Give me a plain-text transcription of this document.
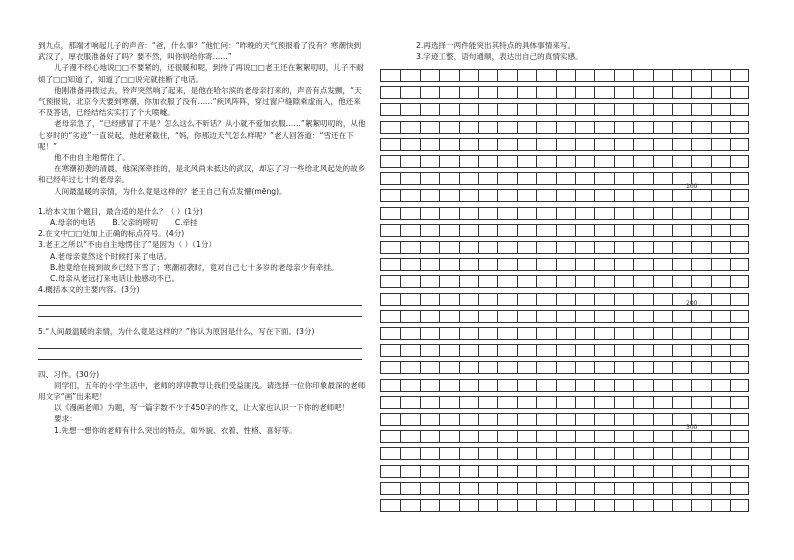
到九点，那端才响起儿子的声音：“爸，什么事？”他忙问：“昨晚的天气预报看了没有？寒潮快到武汉了，厚衣服准备好了吗？要不然，叫你妈给你寄……”

儿子漫不经心地说□□不要紧的，还很暖和呢，到待了再说□□老王还在絮絮叨叨，儿子不耐烦了□□知道了，知道了□□说完就挂断了电话。

他刚准备再拨过去，铃声突然响了起来，是他在哈尔滨的老母亲打来的，声音有点发颤，“天气预报说，北京今天要到寒潮，你加衣服了没有……”疾风阵阵，穿过窗户缝隙乘虚而入，他还来不及答话，已经结结实实打了个大喷嚏。

老母亲急了，“已经感冒了不是？怎么这么不听话？从小就不爱加衣服……”絮絮叨叨的，从他七岁时的“劣迹”一直说起，他赶紧截住，“妈，你那边天气怎么样呢？”老人回答道：“雪还在下呢！”

他不由自主地愣住了。

在寒潮初袭的清晨，他深深牵挂的，是北风尚未抵达的武汉，却忘了习一些给北风起处的故乡和已经年过七十的老母亲。

人间最温暖的亲情，为什么竟是这样的？老王自己有点发懵(mēng)。

1.给本文加个题目，最合适的是什么？（ ）(1分)

A.母亲的电话 B.父亲的唠叨 C.牵挂

2.在文中□□处加上正确的标点符号。(4分)

3.老王之所以“不由自主地愣住了”是因为（ ）（1分）

A.老母亲竟然这个时候打来了电话。

B.他竟给在接到故乡已经下雪了；寒潮初袭时，竟对自己七十多岁的老母亲少有牵挂。

C.母亲从老远打来电话让他感动不已。

4.概括本文的主要内容。(3分)

5.“人间最温暖的亲情，为什么竟是这样的？”你认为原因是什么，写在下面。(3分)

四、习作。(30分)

同学们，五年的小学生活中，老师的谆谆教导让我们受益匪浅。请选择一位你印象最深的老师用文字“画”出来吧！

以《漫画老师》为题，写一篇字数不少于450字的作文，让大家也认识一下你的老师吧！

要求：

1.先想一想你的老师有什么突出的特点，如外貌、衣着、性格、喜好等。

2.再选择一两件能突出其特点的具体事情来写。

3.字迹工整，语句通顺，表达出自己的真情实感。

100
200
300
